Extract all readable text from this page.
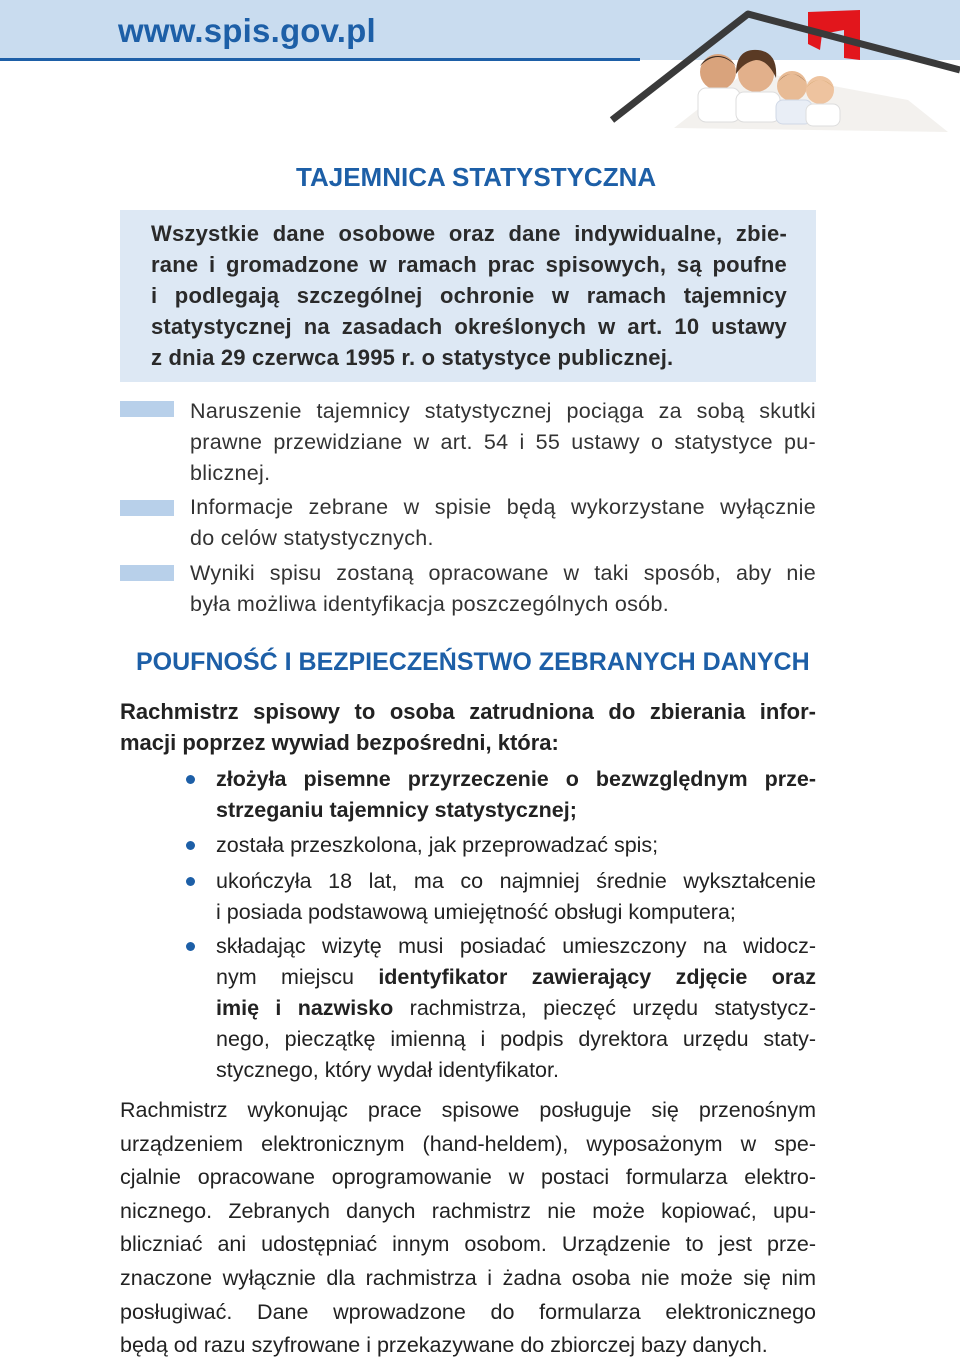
www.spis.gov.pl
TAJEMNICA STATYSTYCZNA
Wszystkie dane osobowe oraz dane indywidualne, zbie-
rane i gromadzone w ramach prac spisowych, są poufne
i podlegają szczególnej ochronie w ramach tajemnicy
statystycznej na zasadach określonych w art. 10 ustawy
z dnia 29 czerwca 1995 r. o statystyce publicznej.
Naruszenie tajemnicy statystycznej pociąga za sobą skutki
prawne przewidziane w art. 54 i 55 ustawy o statystyce pu-
blicznej.
Informacje zebrane w spisie będą wykorzystane wyłącznie
do celów statystycznych.
Wyniki spisu zostaną opracowane w taki sposób, aby nie
była możliwa identyfikacja poszczególnych osób.
POUFNOŚĆ I BEZPIECZEŃSTWO ZEBRANYCH DANYCH
Rachmistrz spisowy to osoba zatrudniona do zbierania infor-
macji poprzez wywiad bezpośredni, która:
złożyła pisemne przyrzeczenie o bezwzględnym prze-
strzeganiu tajemnicy statystycznej;
została przeszkolona, jak przeprowadzać spis;
ukończyła 18 lat, ma co najmniej średnie wykształcenie
i posiada podstawową umiejętność obsługi komputera;
składając wizytę musi posiadać umieszczony na widocz-
nym miejscu identyfikator zawierający zdjęcie oraz
imię i nazwisko rachmistrza, pieczęć urzędu statystycz-
nego, pieczątkę imienną i podpis dyrektora urzędu staty-
stycznego, który wydał identyfikator.
Rachmistrz wykonując prace spisowe posługuje się przenośnym
urządzeniem elektronicznym (hand-heldem), wyposażonym w spe-
cjalnie opracowane oprogramowanie w postaci formularza elektro-
nicznego. Zebranych danych rachmistrz nie może kopiować, upu-
bliczniać ani udostępniać innym osobom. Urządzenie to jest prze-
znaczone wyłącznie dla rachmistrza i żadna osoba nie może się nim
posługiwać. Dane wprowadzone do formularza elektronicznego
będą od razu szyfrowane i przekazywane do zbiorczej bazy danych.
